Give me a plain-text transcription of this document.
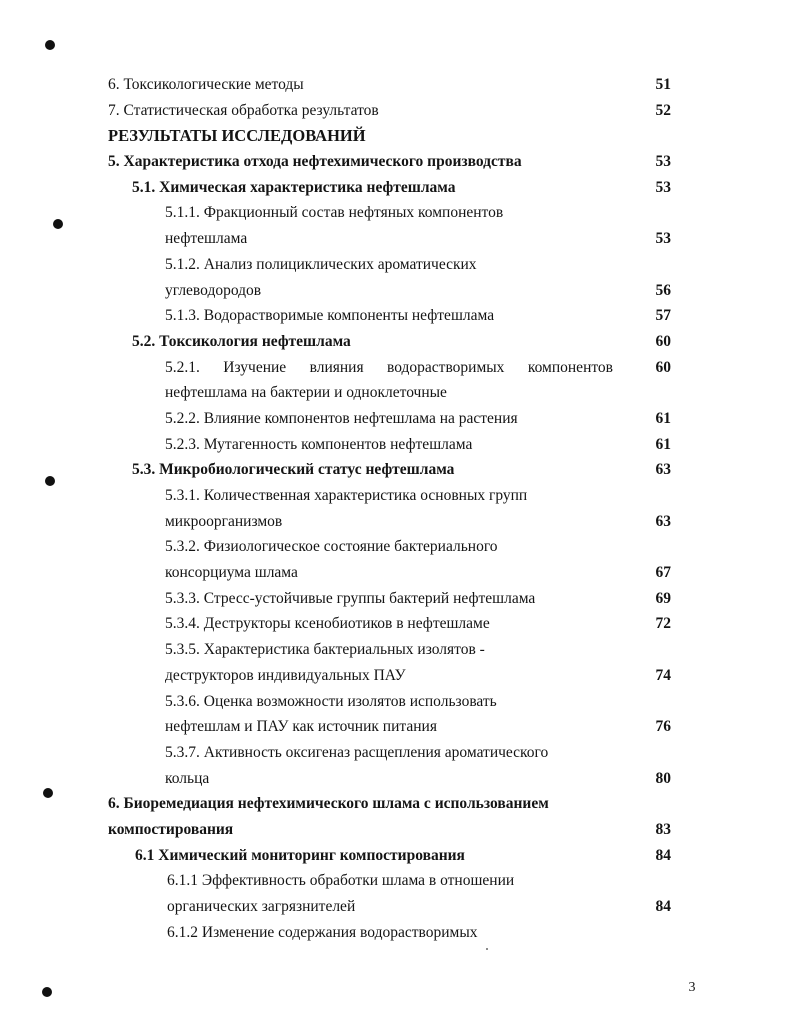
6. Токсикологические методы	51
7. Статистическая обработка результатов	52
РЕЗУЛЬТАТЫ ИССЛЕДОВАНИЙ
5. Характеристика отхода нефтехимического производства	53
5.1. Химическая характеристика нефтешлама	53
5.1.1. Фракционный состав нефтяных компонентов
нефтешлама	53
5.1.2. Анализ полициклических ароматических
углеводородов	56
5.1.3. Водорастворимые компоненты нефтешлама	57
5.2. Токсикология нефтешлама	60
5.2.1. Изучение влияния водорастворимых компонентов	60
нефтешлама на бактерии и одноклеточные
5.2.2. Влияние компонентов нефтешлама на растения	61
5.2.3. Мутагенность компонентов нефтешлама	61
5.3. Микробиологический статус нефтешлама	63
5.3.1. Количественная характеристика основных групп
микроорганизмов	63
5.3.2. Физиологическое состояние бактериального
консорциума шлама	67
5.3.3. Стресс-устойчивые группы бактерий нефтешлама	69
5.3.4. Деструкторы ксенобиотиков в нефтешламе	72
5.3.5. Характеристика бактериальных изолятов -
деструкторов индивидуальных ПАУ	74
5.3.6. Оценка возможности изолятов использовать
нефтешлам и ПАУ как источник питания	76
5.3.7. Активность оксигеназ расщепления ароматического
кольца	80
6. Биоремедиация нефтехимического шлама с использованием
компостирования	83
6.1 Химический мониторинг компостирования	84
6.1.1 Эффективность обработки шлама в отношении
органических загрязнителей	84
6.1.2 Изменение содержания водорастворимых
3
